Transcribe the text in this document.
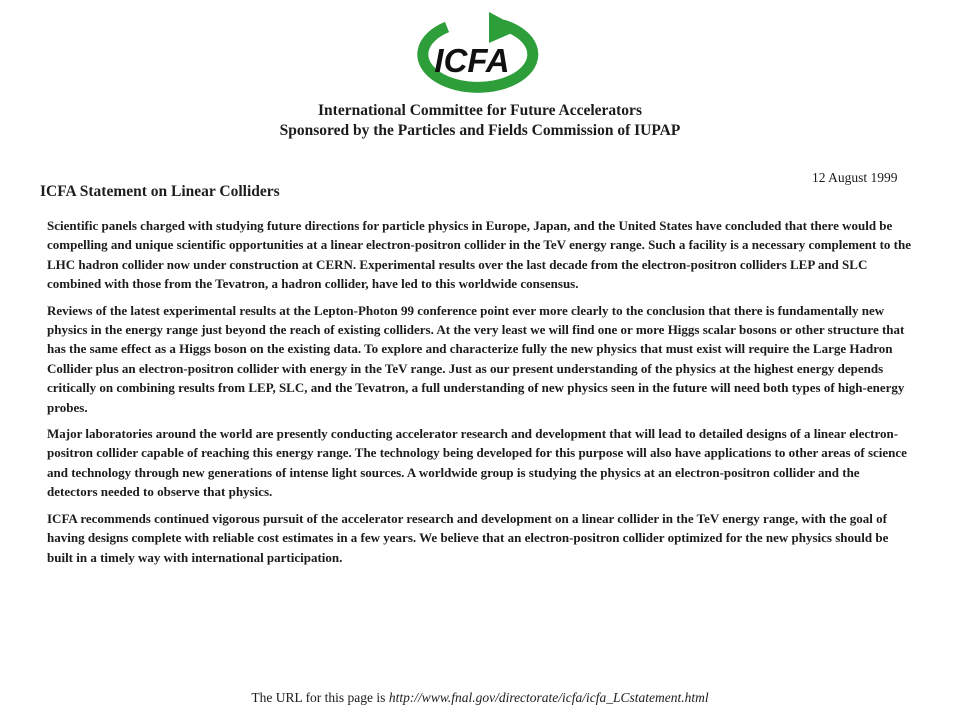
ICFA
International Committee for Future Accelerators
Sponsored by the Particles and Fields Commission of IUPAP
12 August 1999
ICFA Statement on Linear Colliders

Scientific panels charged with studying future directions for particle physics in Europe, Japan, and the United States have concluded that there would be compelling and unique scientific opportunities at a linear electron-positron collider in the TeV energy range. Such a facility is a necessary complement to the LHC hadron collider now under construction at CERN. Experimental results over the last decade from the electron-positron colliders LEP and SLC combined with those from the Tevatron, a hadron collider, have led to this worldwide consensus.

Reviews of the latest experimental results at the Lepton-Photon 99 conference point ever more clearly to the conclusion that there is fundamentally new physics in the energy range just beyond the reach of existing colliders. At the very least we will find one or more Higgs scalar bosons or other structure that has the same effect as a Higgs boson on the existing data. To explore and characterize fully the new physics that must exist will require the Large Hadron Collider plus an electron-positron collider with energy in the TeV range. Just as our present understanding of the physics at the highest energy depends critically on combining results from LEP, SLC, and the Tevatron, a full understanding of new physics seen in the future will need both types of high-energy probes.

Major laboratories around the world are presently conducting accelerator research and development that will lead to detailed designs of a linear electron-positron collider capable of reaching this energy range. The technology being developed for this purpose will also have applications to other areas of science and technology through new generations of intense light sources. A worldwide group is studying the physics at an electron-positron collider and the detectors needed to observe that physics.

ICFA recommends continued vigorous pursuit of the accelerator research and development on a linear collider in the TeV energy range, with the goal of having designs complete with reliable cost estimates in a few years. We believe that an electron-positron collider optimized for the new physics should be built in a timely way with international participation.

The URL for this page is http://www.fnal.gov/directorate/icfa/icfa_LCstatement.html
